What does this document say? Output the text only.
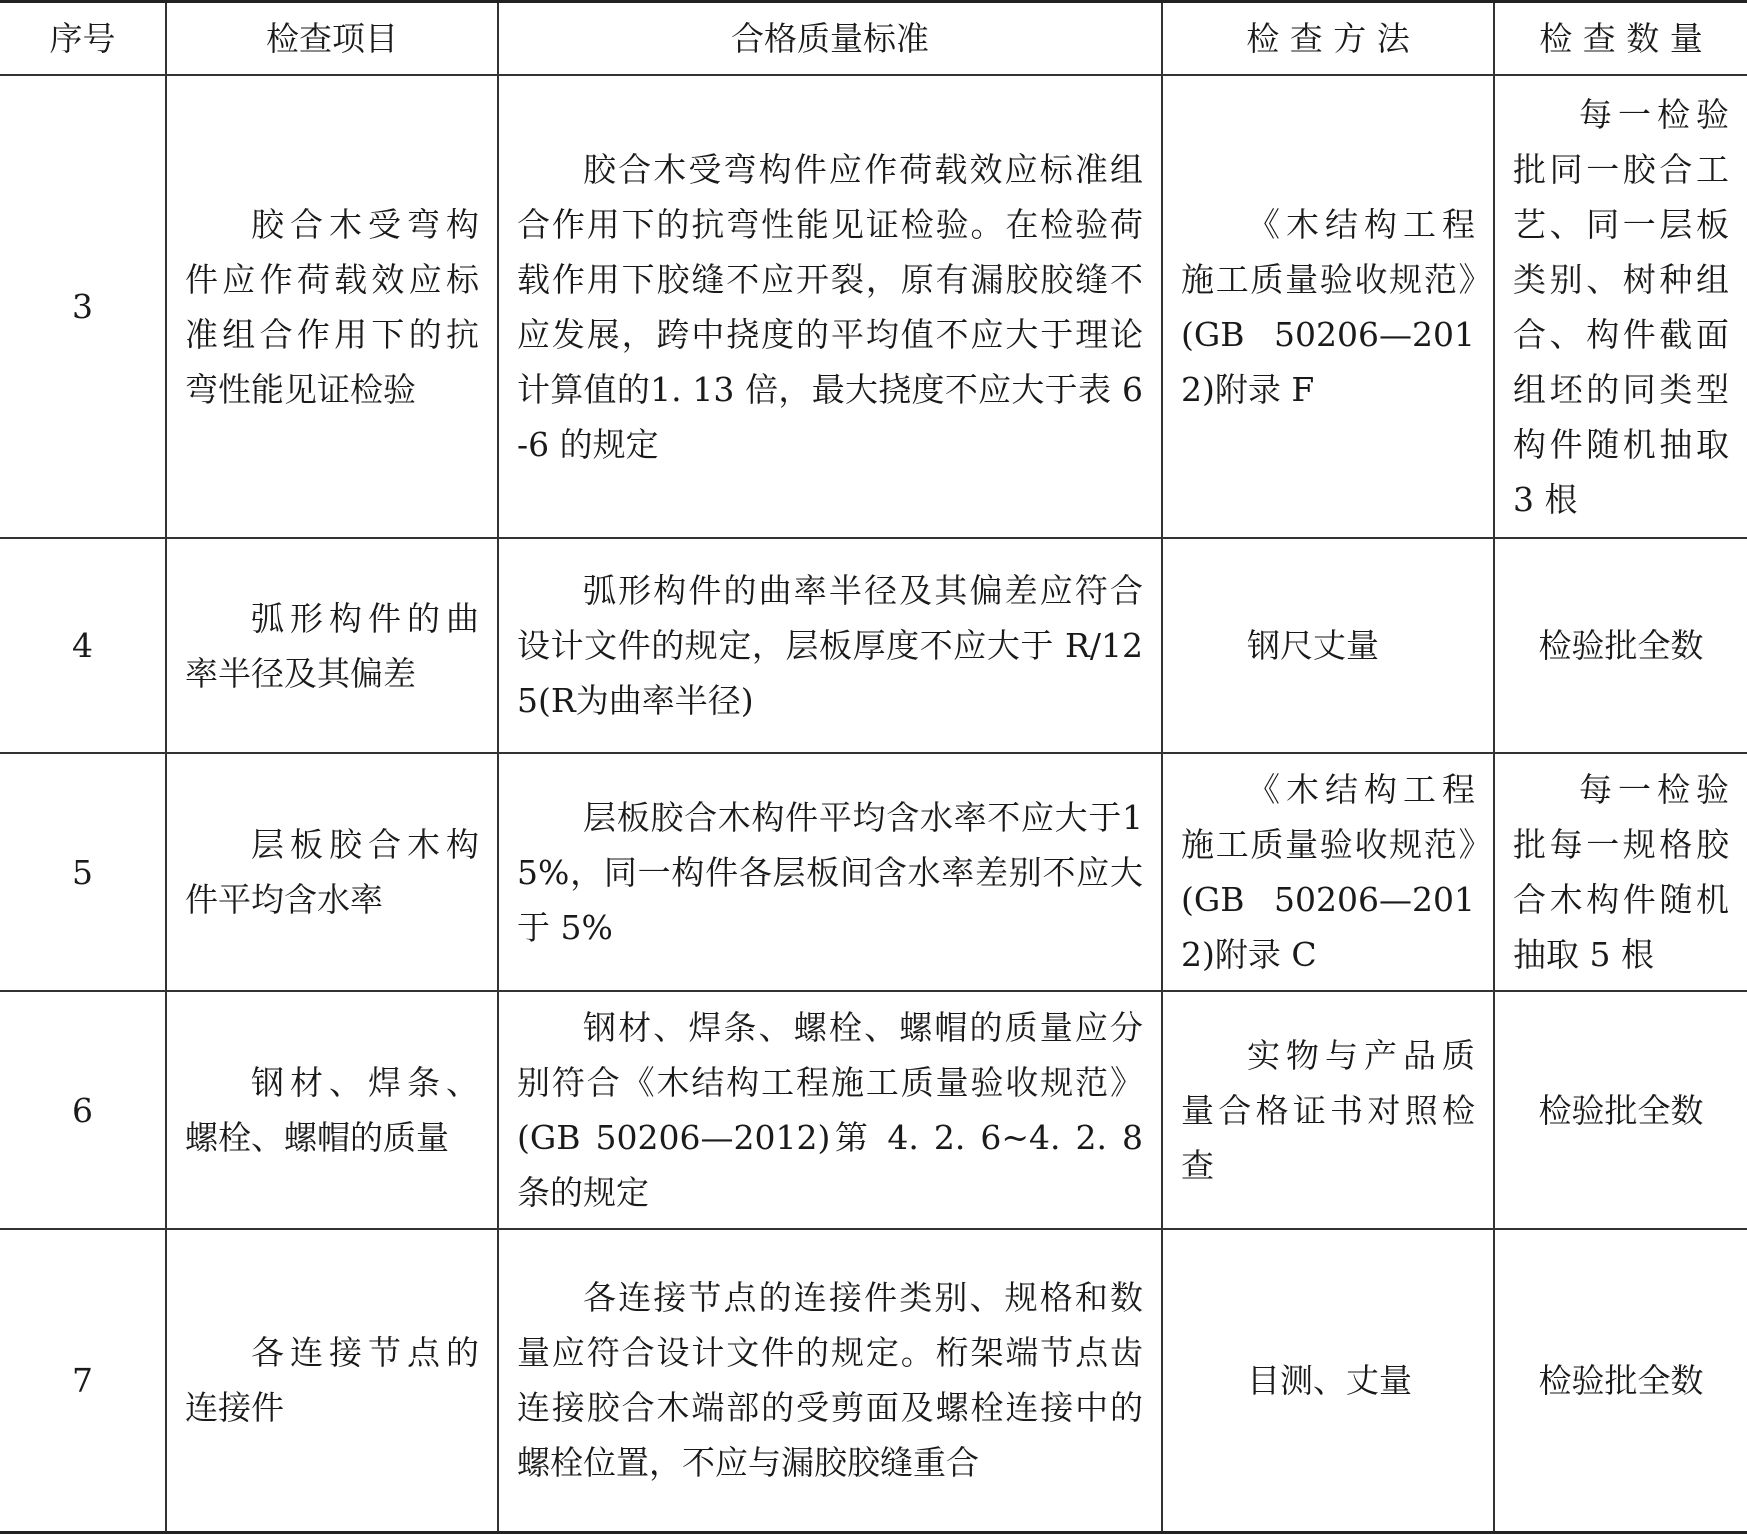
序号	检查项目	合格质量标准	检 查 方 法	检 查 数 量
3	胶合木受弯构件应作荷载效应标准组合作用下的抗弯性能见证检验	胶合木受弯构件应作荷载效应标准组合作用下的抗弯性能见证检验。在检验荷载作用下胶缝不应开裂，原有漏胶胶缝不应发展，跨中挠度的平均值不应大于理论计算值的1. 13 倍，最大挠度不应大于表 6-6 的规定	《木结构工程施工质量验收规范》(GB 50206—2012)附录 F	每一检验批同一胶合工艺、同一层板类别、树种组合、构件截面组坯的同类型构件随机抽取 3 根
4	弧形构件的曲率半径及其偏差	弧形构件的曲率半径及其偏差应符合设计文件的规定，层板厚度不应大于 R/125(R为曲率半径)	钢尺丈量	检验批全数
5	层板胶合木构件平均含水率	层板胶合木构件平均含水率不应大于15%，同一构件各层板间含水率差别不应大于 5%	《木结构工程施工质量验收规范》(GB 50206—2012)附录 C	每一检验批每一规格胶合木构件随机抽取 5 根
6	钢材、焊条、螺栓、螺帽的质量	钢材、焊条、螺栓、螺帽的质量应分别符合《木结构工程施工质量验收规范》(GB 50206—2012)第 4. 2. 6~4. 2. 8 条的规定	实物与产品质量合格证书对照检查	检验批全数
7	各连接节点的连接件	各连接节点的连接件类别、规格和数量应符合设计文件的规定。桁架端节点齿连接胶合木端部的受剪面及螺栓连接中的螺栓位置，不应与漏胶胶缝重合	目测、丈量	检验批全数
